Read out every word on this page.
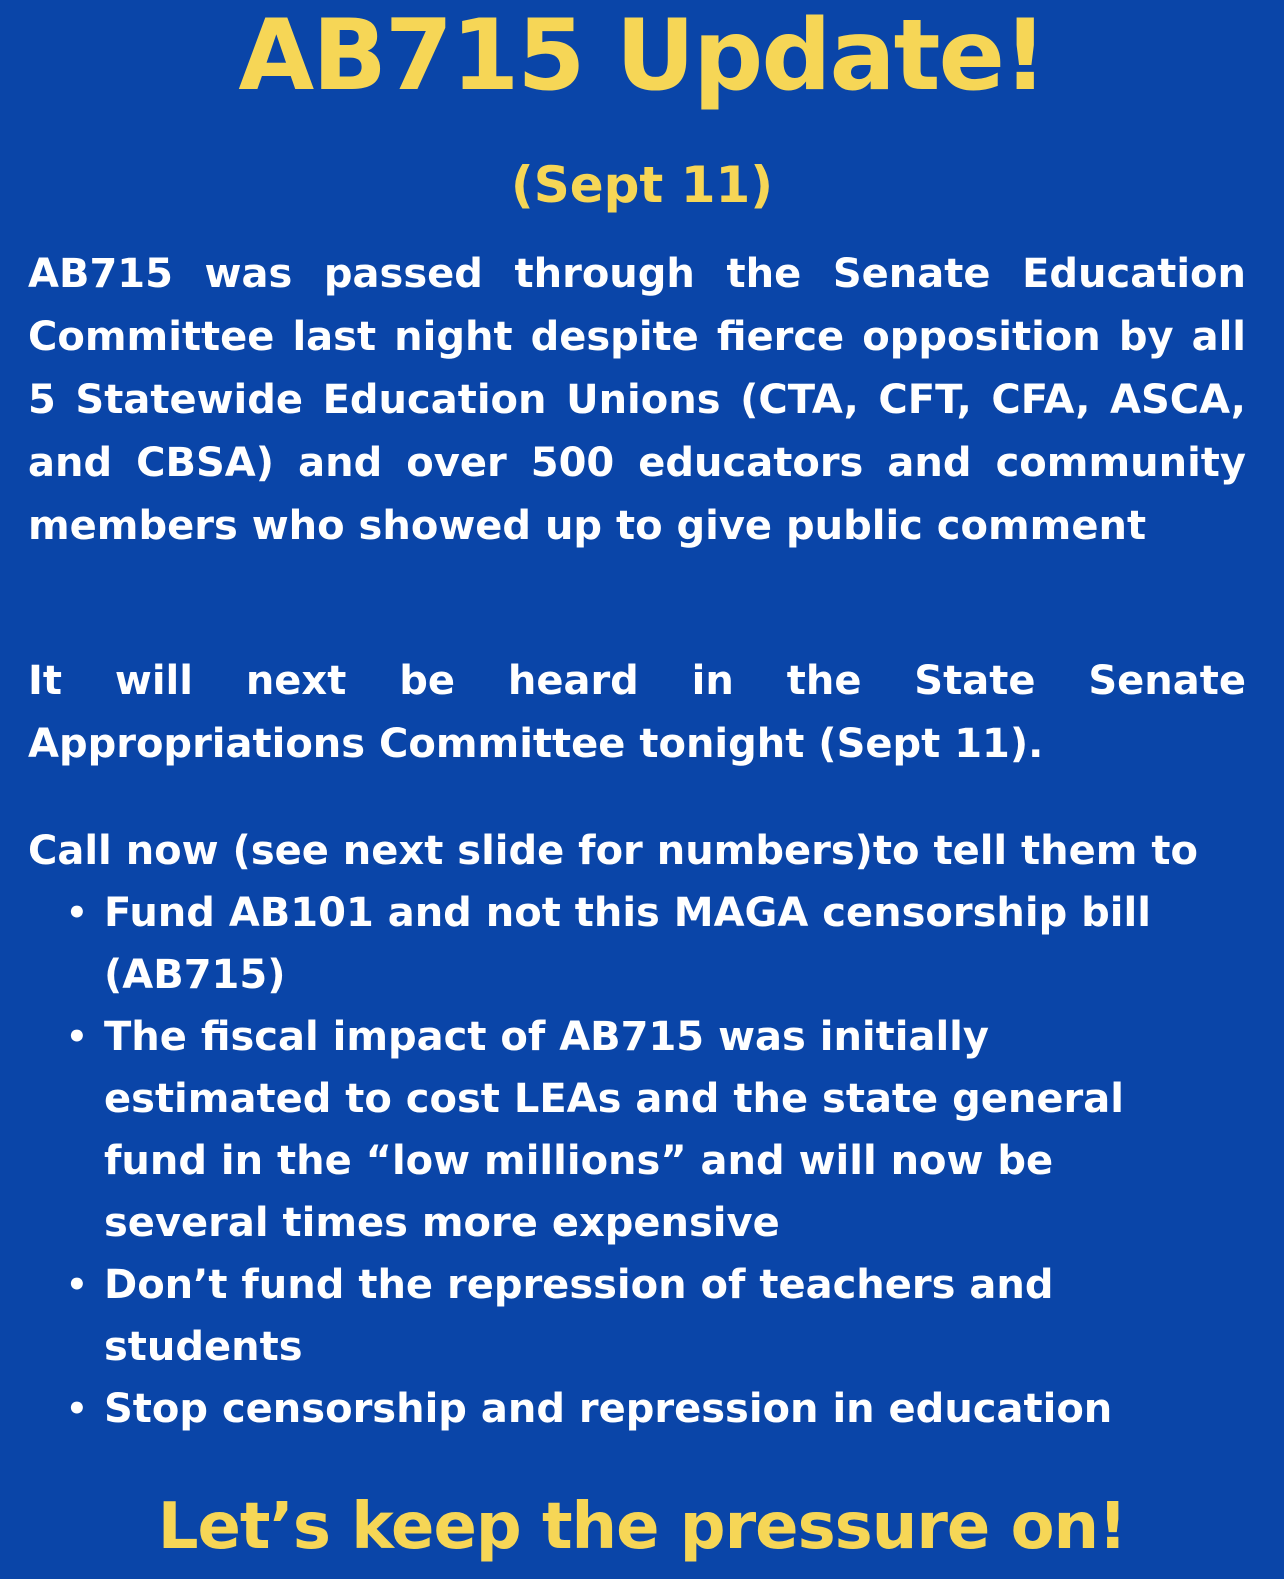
AB715 Update!
(Sept 11)

AB715 was passed through the Senate Education Committee last night despite fierce opposition by all 5 Statewide Education Unions (CTA, CFT, CFA, ASCA, and CBSA) and over 500 educators and community members who showed up to give public comment

It will next be heard in the State Senate Appropriations Committee tonight (Sept 11).

Call now (see next slide for numbers)to tell them to
• Fund AB101 and not this MAGA censorship bill (AB715)
• The fiscal impact of AB715 was initially estimated to cost LEAs and the state general fund in the “low millions” and will now be several times more expensive
• Don’t fund the repression of teachers and students
• Stop censorship and repression in education
Let’s keep the pressure on!
